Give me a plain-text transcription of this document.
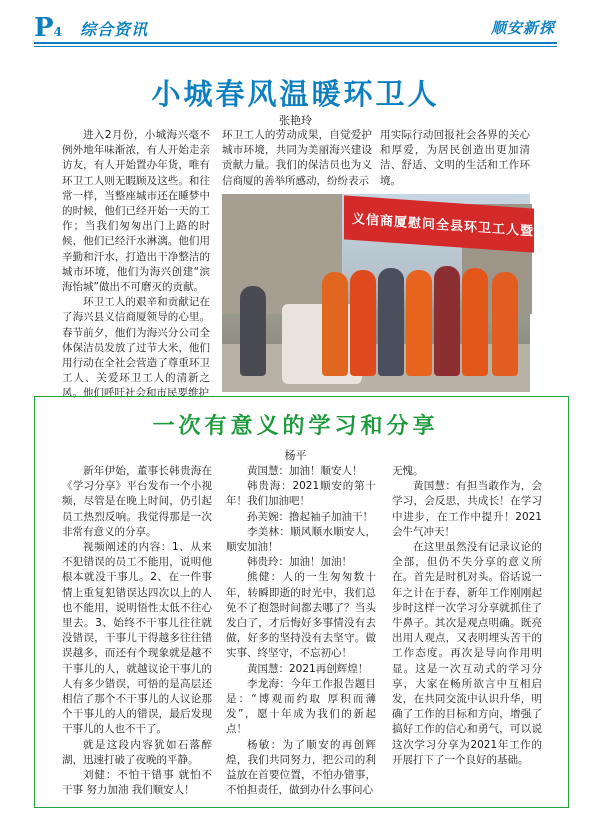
P4 综合资讯	顺安新探
小城春风温暖环卫人
张艳玲

进入2月份，小城海兴毫不例外地年味渐浓，有人开始走亲访友，有人开始置办年货，唯有环卫工人则无暇顾及这些。和往常一样，当整座城市还在睡梦中的时候，他们已经开始一天的工作；当我们匆匆出门上路的时候，他们已经汗水淋漓。他们用辛勤和汗水，打造出干净整洁的城市环境，他们为海兴创建“滨海怡城”做出不可磨灭的贡献。

环卫工人的艰辛和贡献记在了海兴县义信商厦领导的心里。春节前夕，他们为海兴分公司全体保洁员发放了过节大米，他们用行动在全社会营造了尊重环卫工人、关爱环卫工人的清新之风。他们呼吁社会和市民要维护

环卫工人的劳动成果，自觉爱护城市环境，共同为美丽海兴建设贡献力量。我们的保洁员也为义信商厦的善举所感动，纷纷表示

用实际行动回报社会各界的关心和厚爱，为居民创造出更加清洁、舒适、文明的生活和工作环境。

义信商厦慰问全县环卫工人暨春节送温暖
一次有意义的学习和分享
杨平

新年伊始，董事长韩贵海在《学习分享》平台发布一个小视频，尽管是在晚上时间，仍引起员工热烈反响。我觉得那是一次非常有意义的分享。

视频阐述的内容：1、从来不犯错误的员工不能用，说明他根本就没干事儿。2、在一件事情上重复犯错误达四次以上的人也不能用，说明悟性太低不往心里去。3、始终不干事儿往往就没错误，干事儿干得越多往往错误越多，而还有个现象就是越不干事儿的人，就越议论干事儿的人有多少错误，可悟的是高层还相信了那个不干事儿的人议论那个干事儿的人的错误，最后发现干事儿的人也不干了。

就是这段内容犹如石落醉湖，迅速打破了夜晚的平静。

刘健：不怕干错事 就怕不干事 努力加油 我们顺安人！

黄国慧：加油！顺安人！

韩贵海：2021顺安的第十年！我们加油吧！

孙芙婉：撸起袖子加油干！

李美林：顺风顺水顺安人，顺安加油！

韩贵玲：加油！加油！

熊健：人的一生匆匆数十年，转瞬即逝的时光中，我们总免不了抱怨时间都去哪了？当头发白了，才后悔好多事情没有去做，好多的坚持没有去坚守。做实事、终坚守，不忘初心！

黄国慧：2021再创辉煌！

李龙海：今年工作报告题目是：“博观而约取 厚积而薄发”，愿十年成为我们的新起点！

杨敏：为了顺安的再创辉煌，我们共同努力，把公司的利益放在首要位置，不怕办错事，不怕担责任，做到办什么事问心

无愧。

黄国慧：有担当敢作为，会学习，会反思，共成长！在学习中进步，在工作中提升！2021会牛气冲天！

在这里虽然没有记录议论的全部，但仍不失分享的意义所在。首先是时机对头。俗话说一年之计在于春，新年工作刚刚起步时这样一次学习分享就抓住了牛鼻子。其次是观点明确。既亮出用人观点，又表明埋头苦干的工作态度。再次是导向作用明显。这是一次互动式的学习分享，大家在畅所欲言中互相启发，在共同交流中认识升华，明确了工作的目标和方向，增强了搞好工作的信心和勇气，可以说这次学习分享为2021年工作的开展打下了一个良好的基础。
